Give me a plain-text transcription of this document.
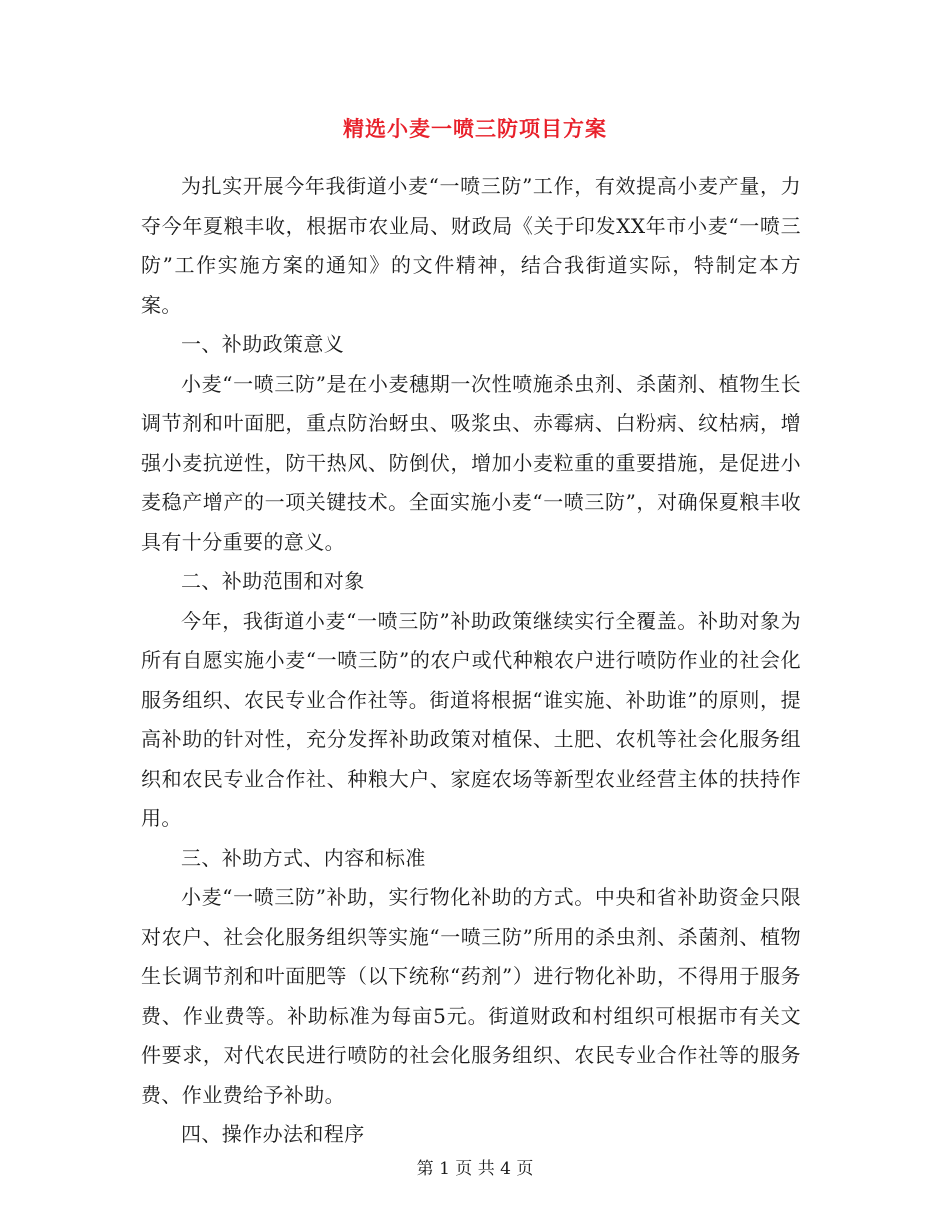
精选小麦一喷三防项目方案

为扎实开展今年我街道小麦“一喷三防”工作，有效提高小麦产量，力夺今年夏粮丰收，根据市农业局、财政局《关于印发XX年市小麦“一喷三防”工作实施方案的通知》的文件精神，结合我街道实际，特制定本方案。

一、补助政策意义

小麦“一喷三防”是在小麦穗期一次性喷施杀虫剂、杀菌剂、植物生长调节剂和叶面肥，重点防治蚜虫、吸浆虫、赤霉病、白粉病、纹枯病，增强小麦抗逆性，防干热风、防倒伏，增加小麦粒重的重要措施，是促进小麦稳产增产的一项关键技术。全面实施小麦“一喷三防”，对确保夏粮丰收具有十分重要的意义。

二、补助范围和对象

今年，我街道小麦“一喷三防”补助政策继续实行全覆盖。补助对象为所有自愿实施小麦“一喷三防”的农户或代种粮农户进行喷防作业的社会化服务组织、农民专业合作社等。街道将根据“谁实施、补助谁”的原则，提高补助的针对性，充分发挥补助政策对植保、土肥、农机等社会化服务组织和农民专业合作社、种粮大户、家庭农场等新型农业经营主体的扶持作用。

三、补助方式、内容和标准

小麦“一喷三防”补助，实行物化补助的方式。中央和省补助资金只限对农户、社会化服务组织等实施“一喷三防”所用的杀虫剂、杀菌剂、植物生长调节剂和叶面肥等（以下统称“药剂”）进行物化补助，不得用于服务费、作业费等。补助标准为每亩5元。街道财政和村组织可根据市有关文件要求，对代农民进行喷防的社会化服务组织、农民专业合作社等的服务费、作业费给予补助。

四、操作办法和程序

第 1 页 共 4 页
